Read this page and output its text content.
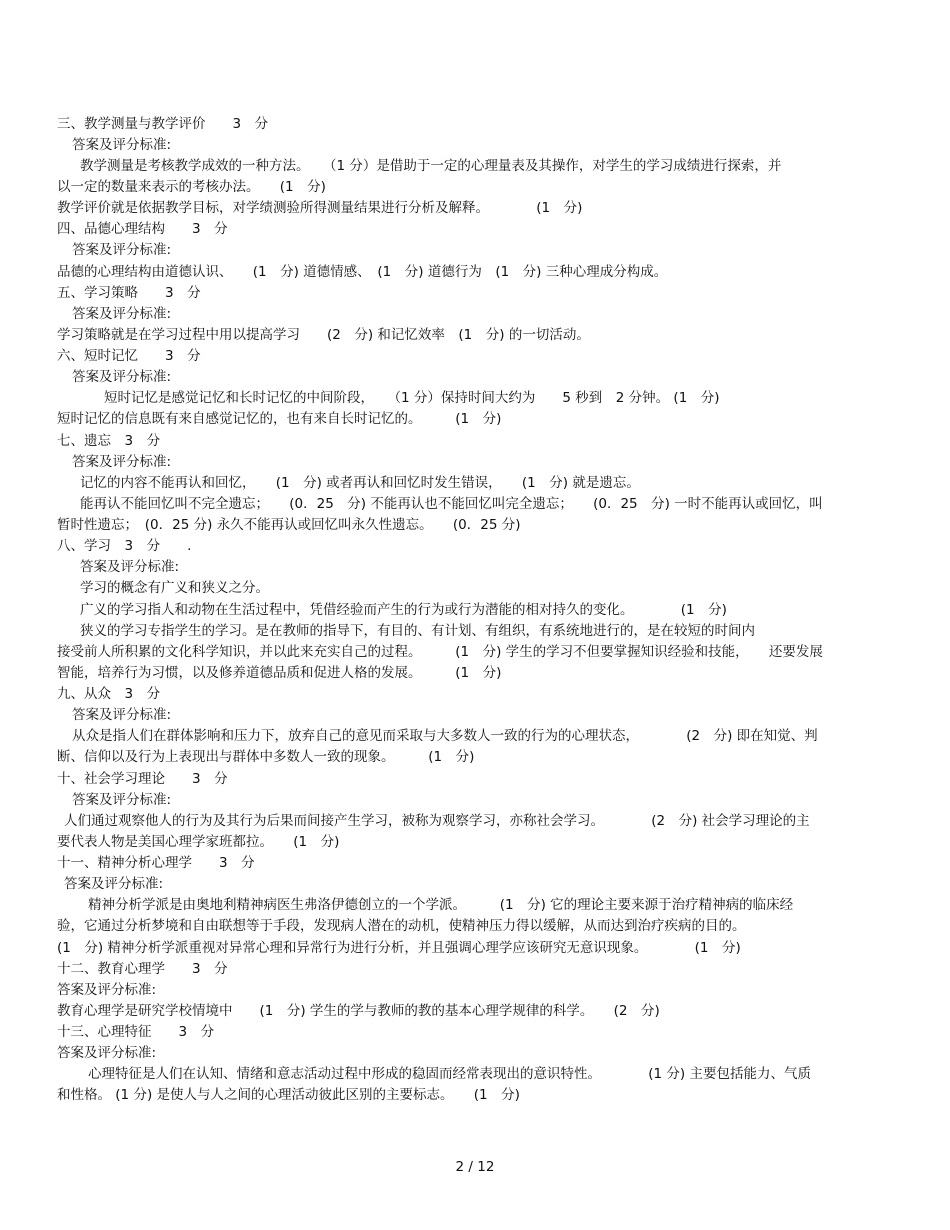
三、教学测量与教学评价　　3　分
答案及评分标准:
教学测量是考核教学成效的一种方法。　　（1 分）是借助于一定的心理量表及其操作，对学生的学习成绩进行探索，并
以一定的数量来表示的考核办法。　　(1　分)
教学评价就是依据教学目标，对学绩测验所得测量结果进行分析及解释。　　　　(1　分)
四、品德心理结构　　3　分
答案及评分标准:
品德的心理结构由道德认识、　　(1　分) 道德情感、　(1　分) 道德行为　(1　分) 三种心理成分构成。
五、学习策略　　3　分
答案及评分标准:
学习策略就是在学习过程中用以提高学习　　(2　分) 和记忆效率　(1　分) 的一切活动。
六、短时记忆　　3　分
答案及评分标准:
短时记忆是感觉记忆和长时记忆的中间阶段，　　（1 分）保持时间大约为　　5 秒到　2 分钟。 (1　分)
短时记忆的信息既有来自感觉记忆的，也有来自长时记忆的。　　　(1　分)
七、遗忘　3　分
答案及评分标准:
记忆的内容不能再认和回忆，　　(1　分) 或者再认和回忆时发生错误，　　(1　分) 就是遗忘。
能再认不能回忆叫不完全遗忘；　　(0．25　分) 不能再认也不能回忆叫完全遗忘；　　(0．25　分) 一时不能再认或回忆，叫
暂时性遗忘；　(0．25 分) 永久不能再认或回忆叫永久性遗忘。　　(0．25 分)
八、学习　3　分　　.
答案及评分标准:
学习的概念有广义和狭义之分。
广义的学习指人和动物在生活过程中，凭借经验而产生的行为或行为潜能的相对持久的变化。　　　　(1　分)
狭义的学习专指学生的学习。是在教师的指导下，有目的、有计划、有组织，有系统地进行的，是在较短的时间内
接受前人所积累的文化科学知识，并以此来充实自己的过程。　　　(1　分) 学生的学习不但要掌握知识经验和技能，　　还要发展
智能，培养行为习惯，以及修养道德品质和促进人格的发展。　　　(1　分)
九、从众　3　分
答案及评分标准:
从众是指人们在群体影响和压力下，放弃自己的意见而采取与大多数人一致的行为的心理状态，　　　　(2　分) 即在知觉、判
断、信仰以及行为上表现出与群体中多数人一致的现象。　　　(1　分)
十、社会学习理论　　3　分
答案及评分标准:
人们通过观察他人的行为及其行为后果而间接产生学习，被称为观察学习，亦称社会学习。　　　　(2　分) 社会学习理论的主
要代表人物是美国心理学家班都拉。　　(1　分)
十一、精神分析心理学　　3　分
答案及评分标准:
精神分析学派是由奥地利精神病医生弗洛伊德创立的一个学派。　　　(1　分) 它的理论主要来源于治疗精神病的临床经
验，它通过分析梦境和自由联想等于手段，发现病人潜在的动机，使精神压力得以缓解，从而达到治疗疾病的目的。
(1　分) 精神分析学派重视对异常心理和异常行为进行分析，并且强调心理学应该研究无意识现象。　　　　(1　分)
十二、教育心理学　　3　分
答案及评分标准:
教育心理学是研究学校情境中　　(1　分) 学生的学与教师的教的基本心理学规律的科学。　　(2　分)
十三、心理特征　　3　分
答案及评分标准:
心理特征是人们在认知、情绪和意志活动过程中形成的稳固而经常表现出的意识特性。　　　　(1 分) 主要包括能力、气质
和性格。 (1 分) 是使人与人之间的心理活动彼此区别的主要标志。　　(1　分)
2 / 12
